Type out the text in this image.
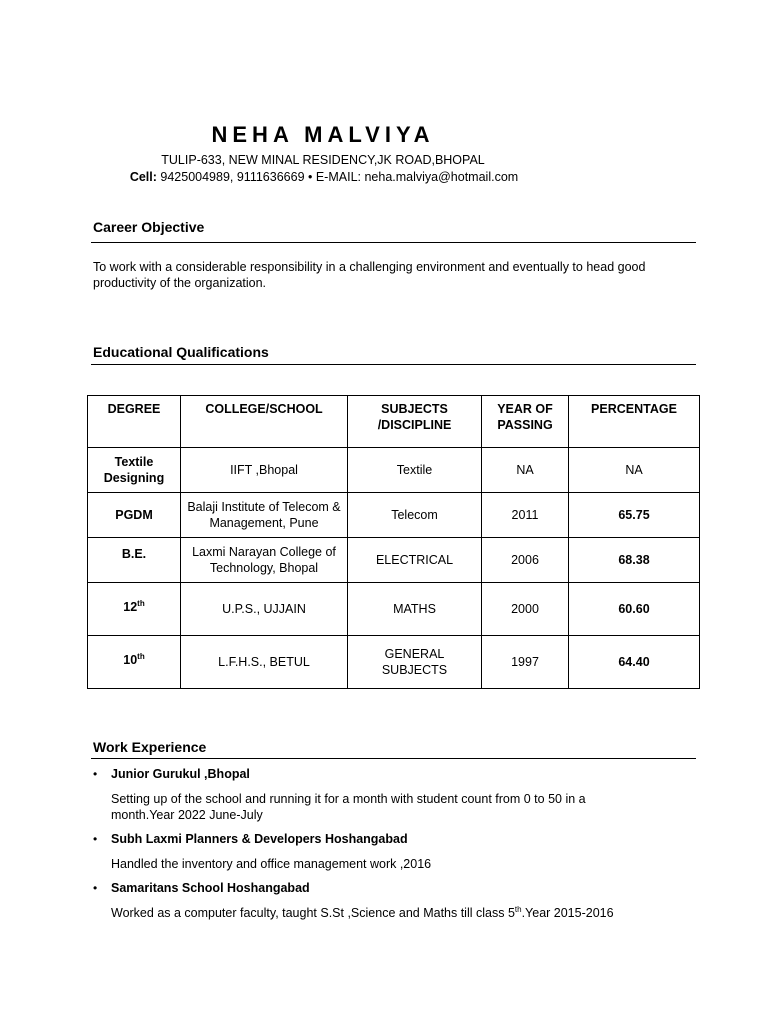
NEHA MALVIYA
TULIP-633, NEW MINAL RESIDENCY,JK ROAD,BHOPAL
Cell: 9425004989, 9111636669 • E-MAIL: neha.malviya@hotmail.com
Career Objective
To work with a considerable responsibility in a challenging environment and eventually to head good productivity of the organization.
Educational Qualifications
DEGREE	COLLEGE/SCHOOL	SUBJECTS /DISCIPLINE	YEAR OF PASSING	PERCENTAGE
Textile Designing	IIFT ,Bhopal	Textile	NA	NA
PGDM	Balaji Institute of Telecom & Management, Pune	Telecom	2011	65.75
B.E.	Laxmi Narayan College of Technology, Bhopal	ELECTRICAL	2006	68.38
12th	U.P.S., UJJAIN	MATHS	2000	60.60
10th	L.F.H.S., BETUL	GENERAL SUBJECTS	1997	64.40
Work Experience
• Junior Gurukul ,Bhopal
Setting up of the school and running it for a month with student count from 0 to 50 in a month.Year 2022 June-July
• Subh Laxmi Planners & Developers Hoshangabad
Handled the inventory and office management work ,2016
• Samaritans School Hoshangabad
Worked as a computer faculty, taught S.St ,Science and Maths till class 5th.Year 2015-2016
